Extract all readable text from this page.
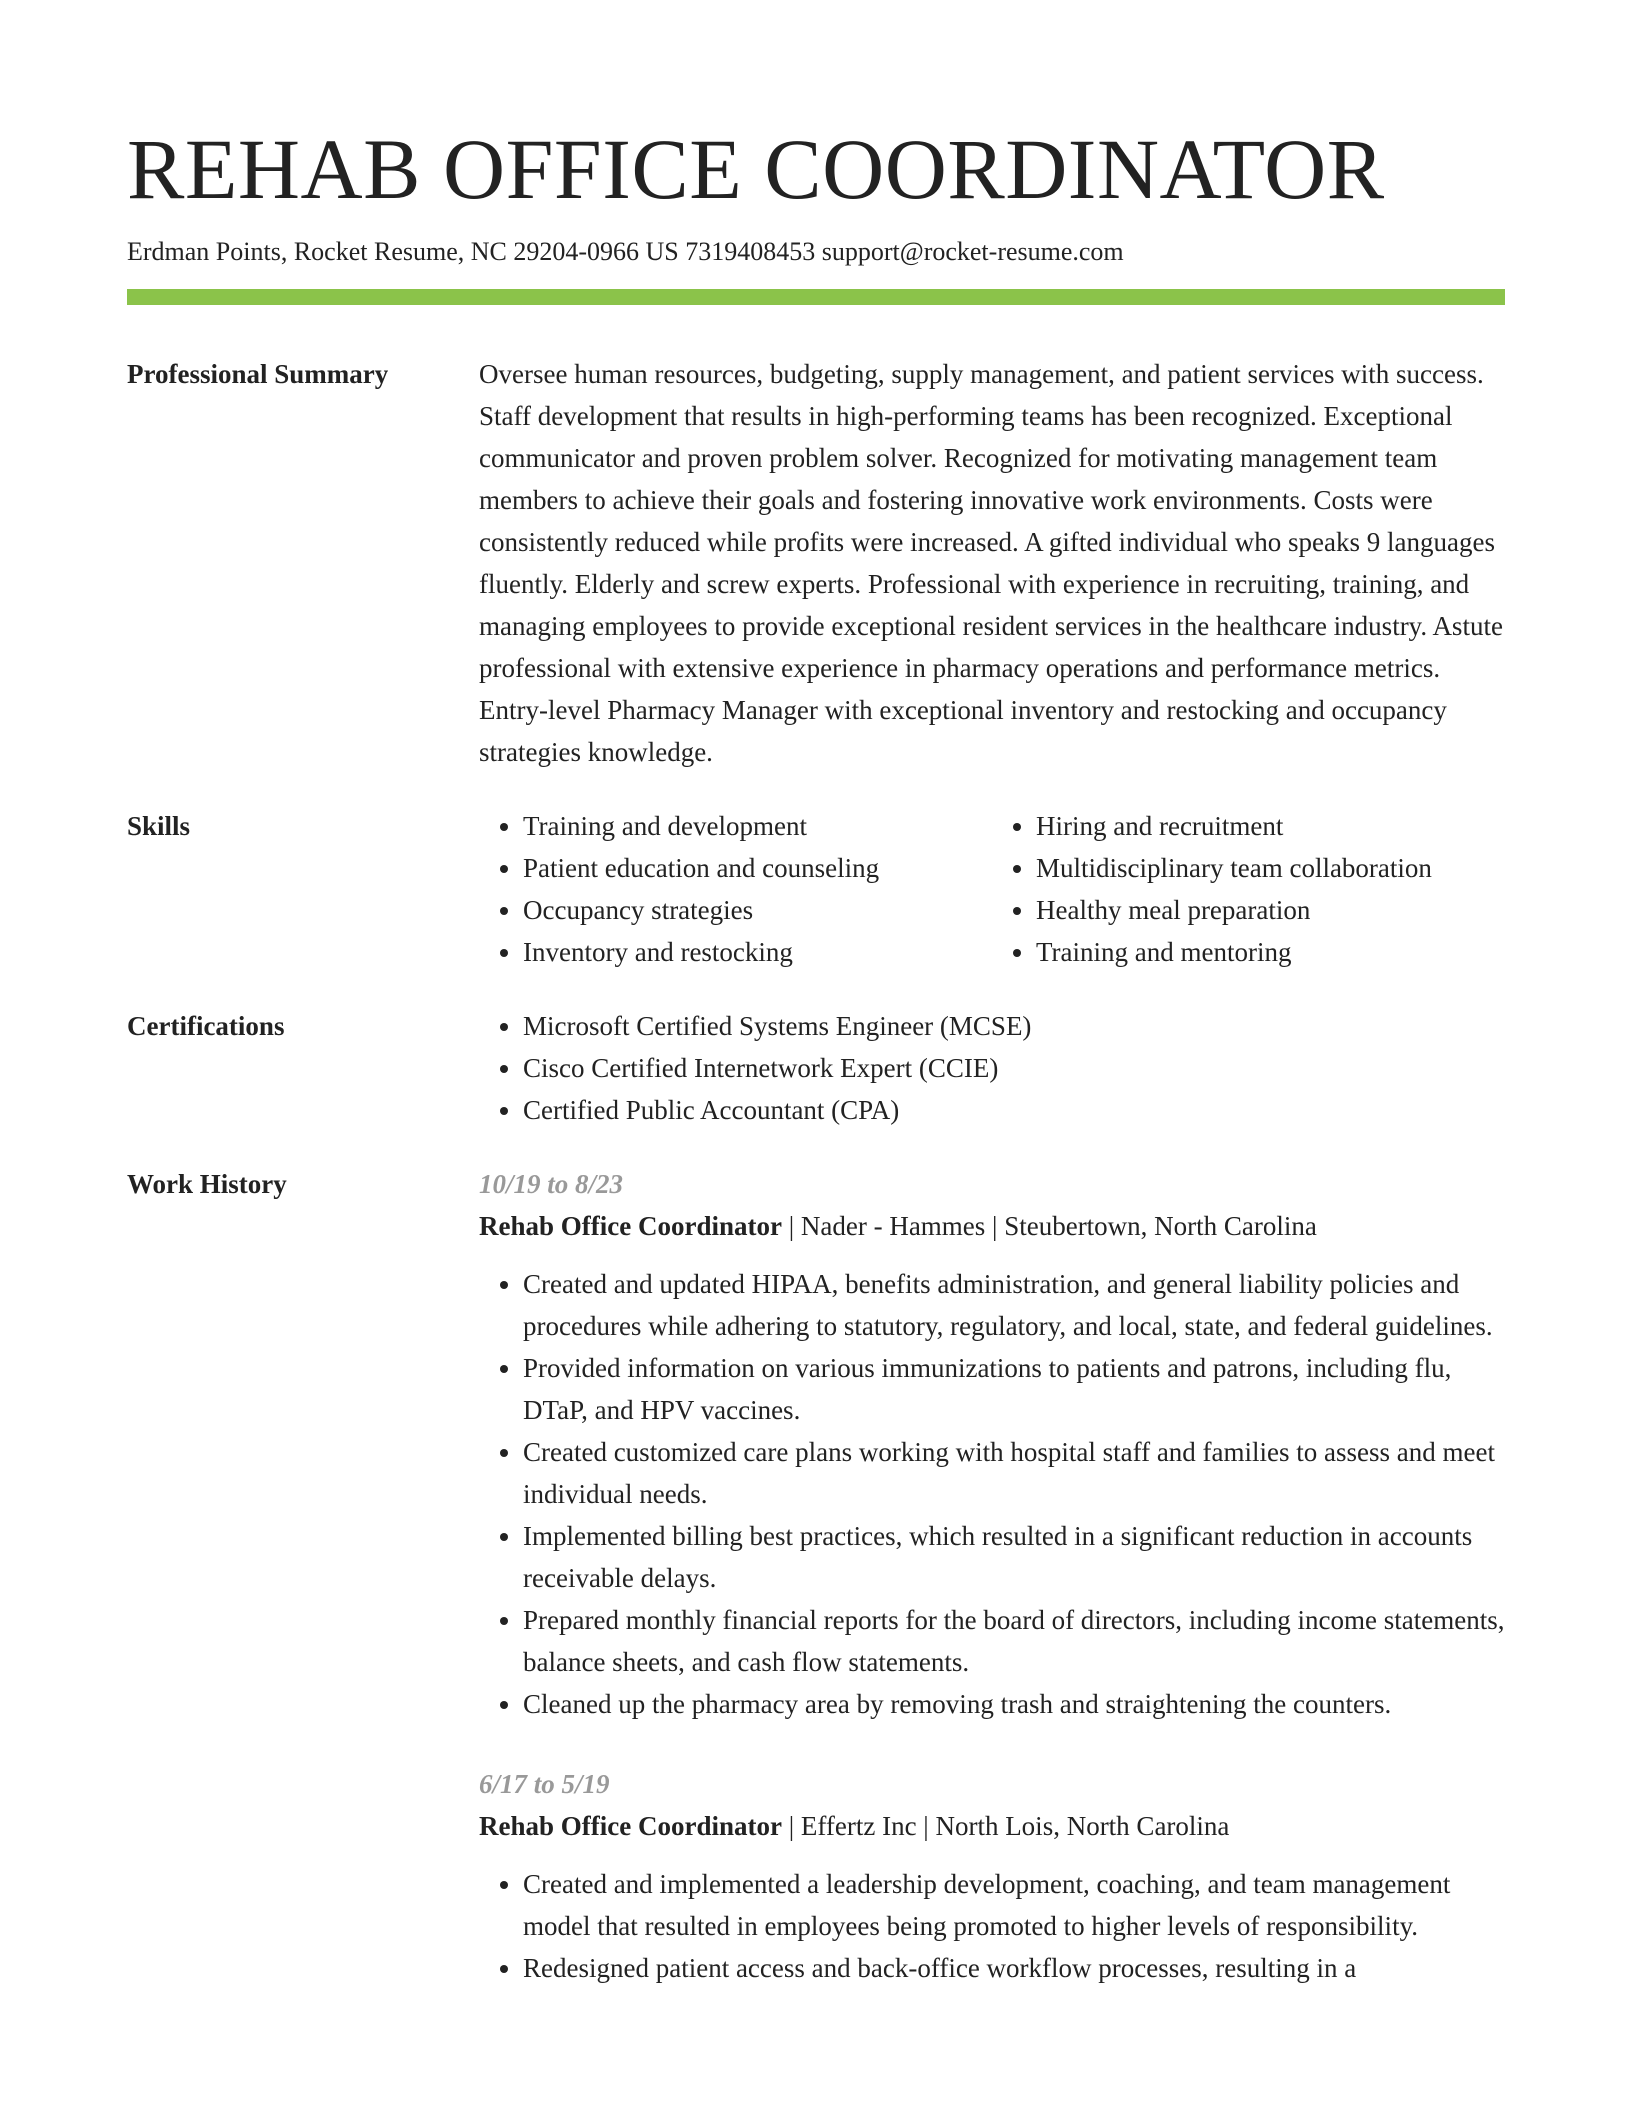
REHAB OFFICE COORDINATOR
Erdman Points, Rocket Resume, NC 29204-0966 US 7319408453 support@rocket-resume.com
Professional Summary	Oversee human resources, budgeting, supply management, and patient services with success. Staff development that results in high-performing teams has been recognized. Exceptional communicator and proven problem solver. Recognized for motivating management team members to achieve their goals and fostering innovative work environments. Costs were consistently reduced while profits were increased. A gifted individual who speaks 9 languages fluently. Elderly and screw experts. Professional with experience in recruiting, training, and managing employees to provide exceptional resident services in the healthcare industry. Astute professional with extensive experience in pharmacy operations and performance metrics. Entry-level Pharmacy Manager with exceptional inventory and restocking and occupancy strategies knowledge.

Skills	• Training and development
• Patient education and counseling
• Occupancy strategies
• Inventory and restocking
• Hiring and recruitment
• Multidisciplinary team collaboration
• Healthy meal preparation
• Training and mentoring
Certifications	• Microsoft Certified Systems Engineer (MCSE)
• Cisco Certified Internetwork Expert (CCIE)
• Certified Public Accountant (CPA)
Work History	10/19 to 8/23
Rehab Office Coordinator | Nader - Hammes | Steubertown, North Carolina
• Created and updated HIPAA, benefits administration, and general liability policies and procedures while adhering to statutory, regulatory, and local, state, and federal guidelines.
• Provided information on various immunizations to patients and patrons, including flu, DTaP, and HPV vaccines.
• Created customized care plans working with hospital staff and families to assess and meet individual needs.
• Implemented billing best practices, which resulted in a significant reduction in accounts receivable delays.
• Prepared monthly financial reports for the board of directors, including income statements, balance sheets, and cash flow statements.
• Cleaned up the pharmacy area by removing trash and straightening the counters.
6/17 to 5/19
Rehab Office Coordinator | Effertz Inc | North Lois, North Carolina
• Created and implemented a leadership development, coaching, and team management model that resulted in employees being promoted to higher levels of responsibility.
• Redesigned patient access and back-office workflow processes, resulting in a
